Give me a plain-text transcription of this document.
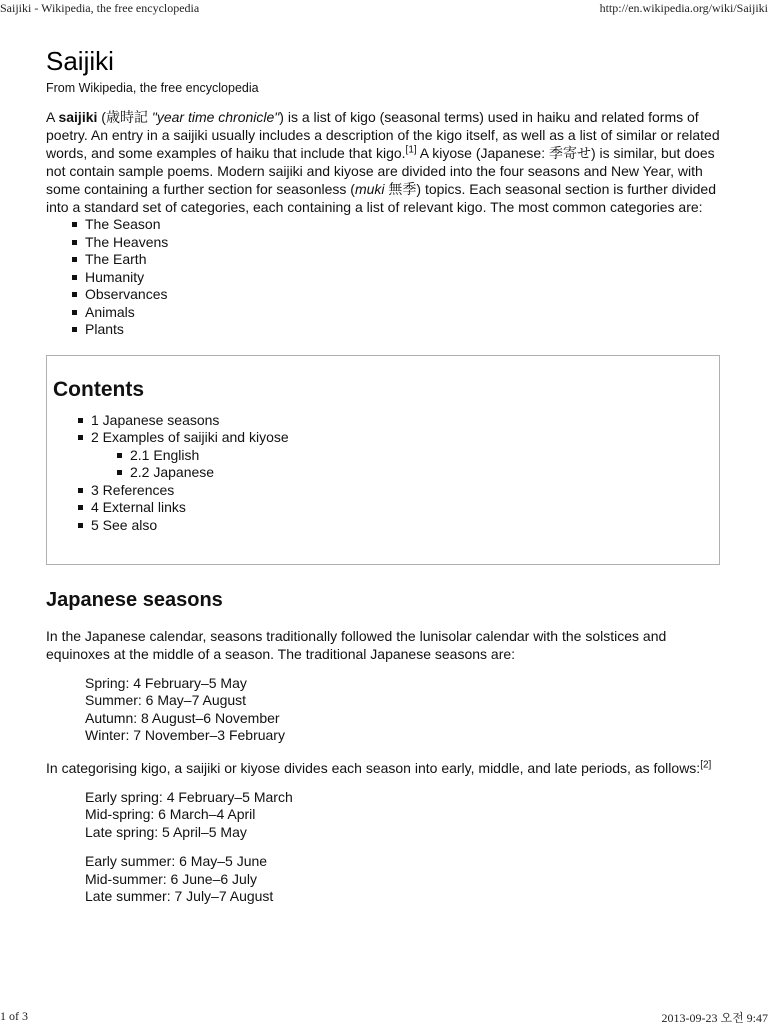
Saijiki - Wikipedia, the free encyclopedia	http://en.wikipedia.org/wiki/Saijiki
Saijiki
From Wikipedia, the free encyclopedia

A saijiki (歳時記 "year time chronicle") is a list of kigo (seasonal terms) used in haiku and related forms of poetry. An entry in a saijiki usually includes a description of the kigo itself, as well as a list of similar or related words, and some examples of haiku that include that kigo.[1] A kiyose (Japanese: 季寄せ) is similar, but does not contain sample poems. Modern saijiki and kiyose are divided into the four seasons and New Year, with some containing a further section for seasonless (muki 無季) topics. Each seasonal section is further divided into a standard set of categories, each containing a list of relevant kigo. The most common categories are:

The Season
The Heavens
The Earth
Humanity
Observances
Animals
Plants
Contents
1 Japanese seasons
2 Examples of saijiki and kiyose
2.1 English
2.2 Japanese
3 References
4 External links
5 See also
Japanese seasons

In the Japanese calendar, seasons traditionally followed the lunisolar calendar with the solstices and equinoxes at the middle of a season. The traditional Japanese seasons are:

Spring: 4 February–5 May
Summer: 6 May–7 August
Autumn: 8 August–6 November
Winter: 7 November–3 February

In categorising kigo, a saijiki or kiyose divides each season into early, middle, and late periods, as follows:[2]

Early spring: 4 February–5 March
Mid-spring: 6 March–4 April
Late spring: 5 April–5 May
Early summer: 6 May–5 June
Mid-summer: 6 June–6 July
Late summer: 7 July–7 August
1 of 3	2013-09-23 오전 9:47
